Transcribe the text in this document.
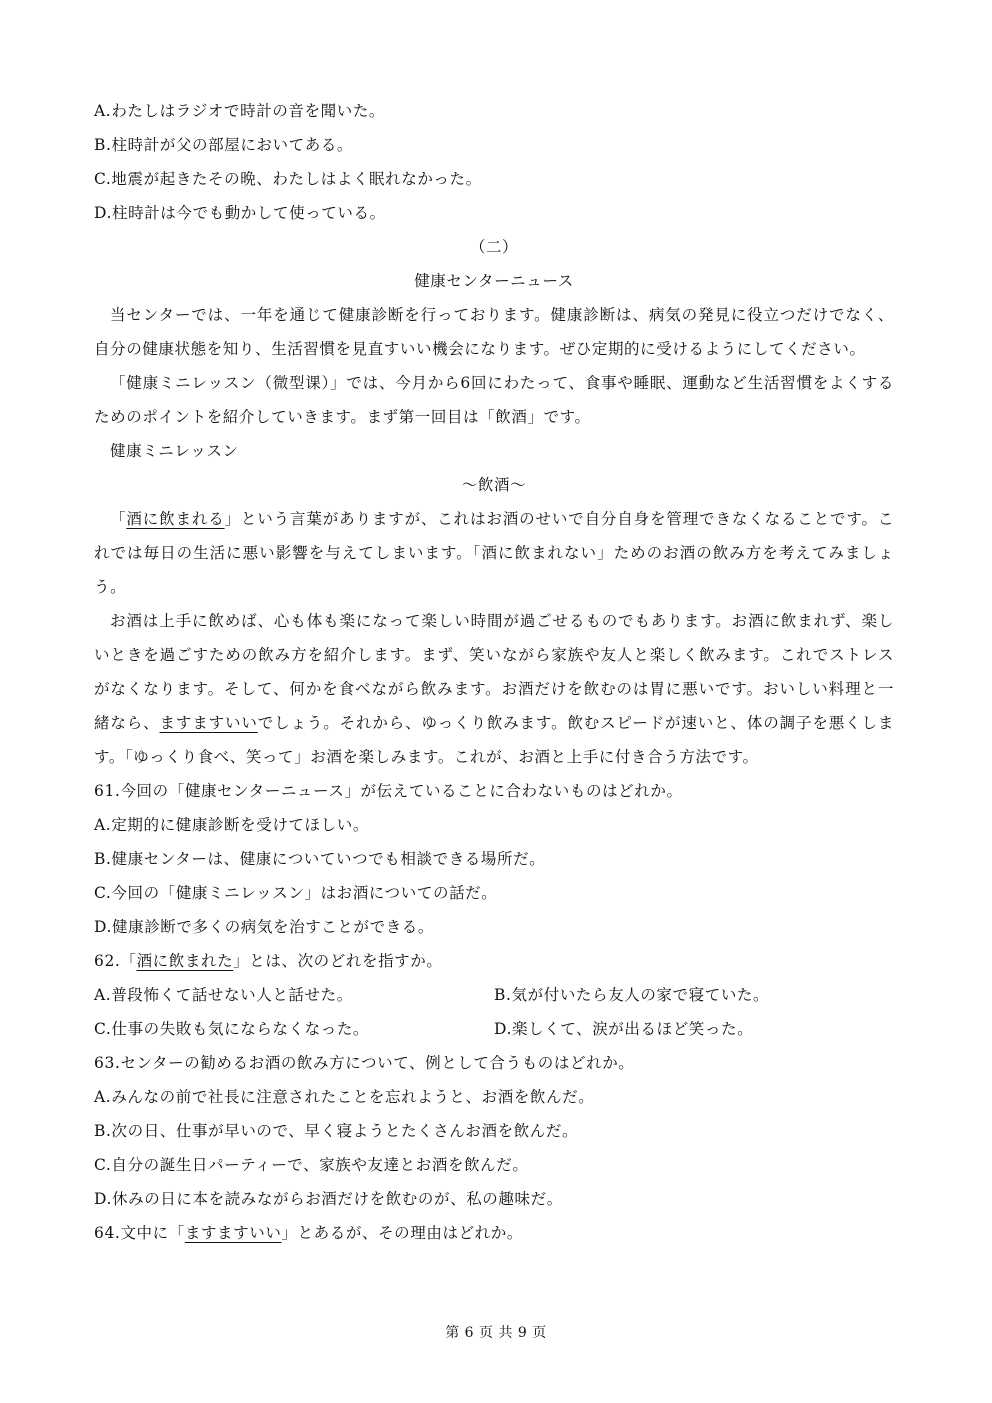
A.わたしはラジオで時計の音を聞いた。
B.柱時計が父の部屋においてある。
C.地震が起きたその晩、わたしはよく眠れなかった。
D.柱時計は今でも動かして使っている。
（二）
健康センターニュース
当センターでは、一年を通じて健康診断を行っております。健康診断は、病気の発見に役立つだけでなく、自分の健康状態を知り、生活習慣を見直すいい機会になります。ぜひ定期的に受けるようにしてください。
「健康ミニレッスン（微型课）」では、今月から6回にわたって、食事や睡眠、運動など生活習慣をよくするためのポイントを紹介していきます。まず第一回目は「飲酒」です。
健康ミニレッスン
～飲酒～
「酒に飲まれる」という言葉がありますが、これはお酒のせいで自分自身を管理できなくなることです。これでは毎日の生活に悪い影響を与えてしまいます。「酒に飲まれない」ためのお酒の飲み方を考えてみましょう。
お酒は上手に飲めば、心も体も楽になって楽しい時間が過ごせるものでもあります。お酒に飲まれず、楽しいときを過ごすための飲み方を紹介します。まず、笑いながら家族や友人と楽しく飲みます。これでストレスがなくなります。そして、何かを食べながら飲みます。お酒だけを飲むのは胃に悪いです。おいしい料理と一緒なら、ますますいいでしょう。それから、ゆっくり飲みます。飲むスピードが速いと、体の調子を悪くします。「ゆっくり食べ、笑って」お酒を楽しみます。これが、お酒と上手に付き合う方法です。
61.今回の「健康センターニュース」が伝えていることに合わないものはどれか。
A.定期的に健康診断を受けてほしい。
B.健康センターは、健康についていつでも相談できる場所だ。
C.今回の「健康ミニレッスン」はお酒についての話だ。
D.健康診断で多くの病気を治すことができる。
62.「酒に飲まれた」とは、次のどれを指すか。
A.普段怖くて話せない人と話せた。	B.気が付いたら友人の家で寝ていた。
C.仕事の失敗も気にならなくなった。	D.楽しくて、涙が出るほど笑った。
63.センターの勧めるお酒の飲み方について、例として合うものはどれか。
A.みんなの前で社長に注意されたことを忘れようと、お酒を飲んだ。
B.次の日、仕事が早いので、早く寝ようとたくさんお酒を飲んだ。
C.自分の誕生日パーティーで、家族や友達とお酒を飲んだ。
D.休みの日に本を読みながらお酒だけを飲むのが、私の趣味だ。
64.文中に「ますますいい」とあるが、その理由はどれか。
第 6 页 共 9 页
